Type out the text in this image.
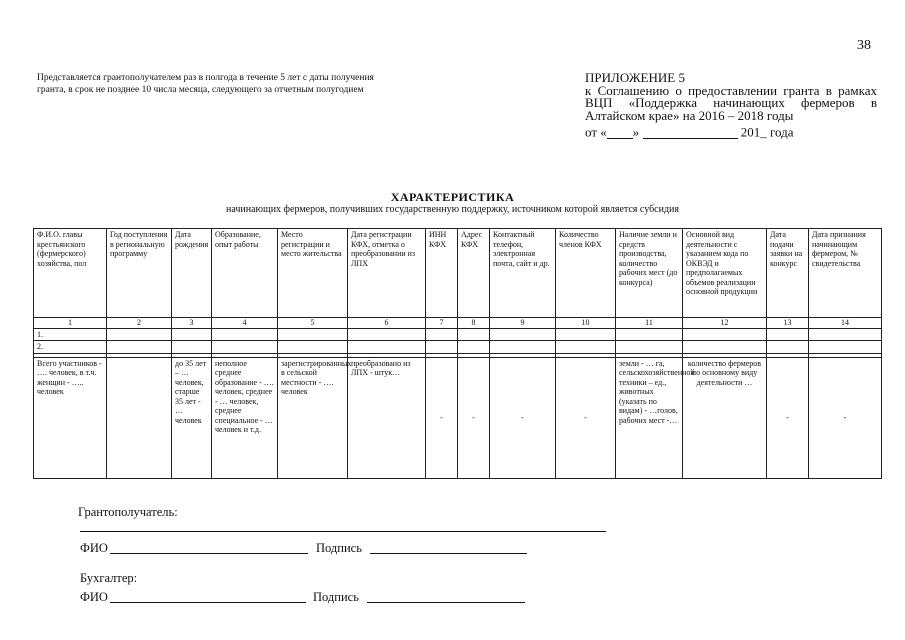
38
Представляется грантополучателем раз в полгода в течение 5 лет с даты получения гранта, в срок не позднее 10 числа месяца, следующего за отчетным полугодием
ПРИЛОЖЕНИЕ 5
к Соглашению о предоставлении гранта в рамках ВЦП «Поддержка начинающих фермеров в Алтайском крае» на 2016 – 2018 годы
от « »	201_ года
ХАРАКТЕРИСТИКА
начинающих фермеров, получивших государственную поддержку, источником которой является субсидия
Ф.И.О. главы крестьянского (фермерского) хозяйства, пол	Год поступления в региональную программу	Дата рождения	Образование, опыт работы	Место регистрации и место жительства	Дата регистрации КФХ, отметка о преобразовании из ЛПХ	ИНН КФХ	Адрес КФХ	Контактный телефон, электронная почта, сайт и др.	Количество членов КФХ	Наличие земли и средств производства, количество рабочих мест (до конкурса)	Основной вид деятельности с указанием кода по ОКВЭД и предполагаемых объемов реализации основной продукции	Дата подачи заявки на конкурс	Дата признания начинающим фермером, № свидетельства
1	2	3	4	5	6	7	8	9	10	11	12	13	14
1.													
2.													

Всего участников - …. человек, в т.ч. женщин - ….. человек		до 35 лет – … человек, старше 35 лет - …человек	неполное среднее образование - …. человек, среднее - … человек, среднее специальное - … человек и т.д.	зарегистрированных в сельской местности - …. человек	преобразовано из ЛПХ - штук…	-	-	-	-	земли - … га, сельскохозяйственной техники – ед., животных (указать по видам) - …голов, рабочих мест -…	количество фермеров по основному виду деятельности …	-	-
Грантополучатель:
ФИО	Подпись
Бухгалтер:
ФИО	Подпись
